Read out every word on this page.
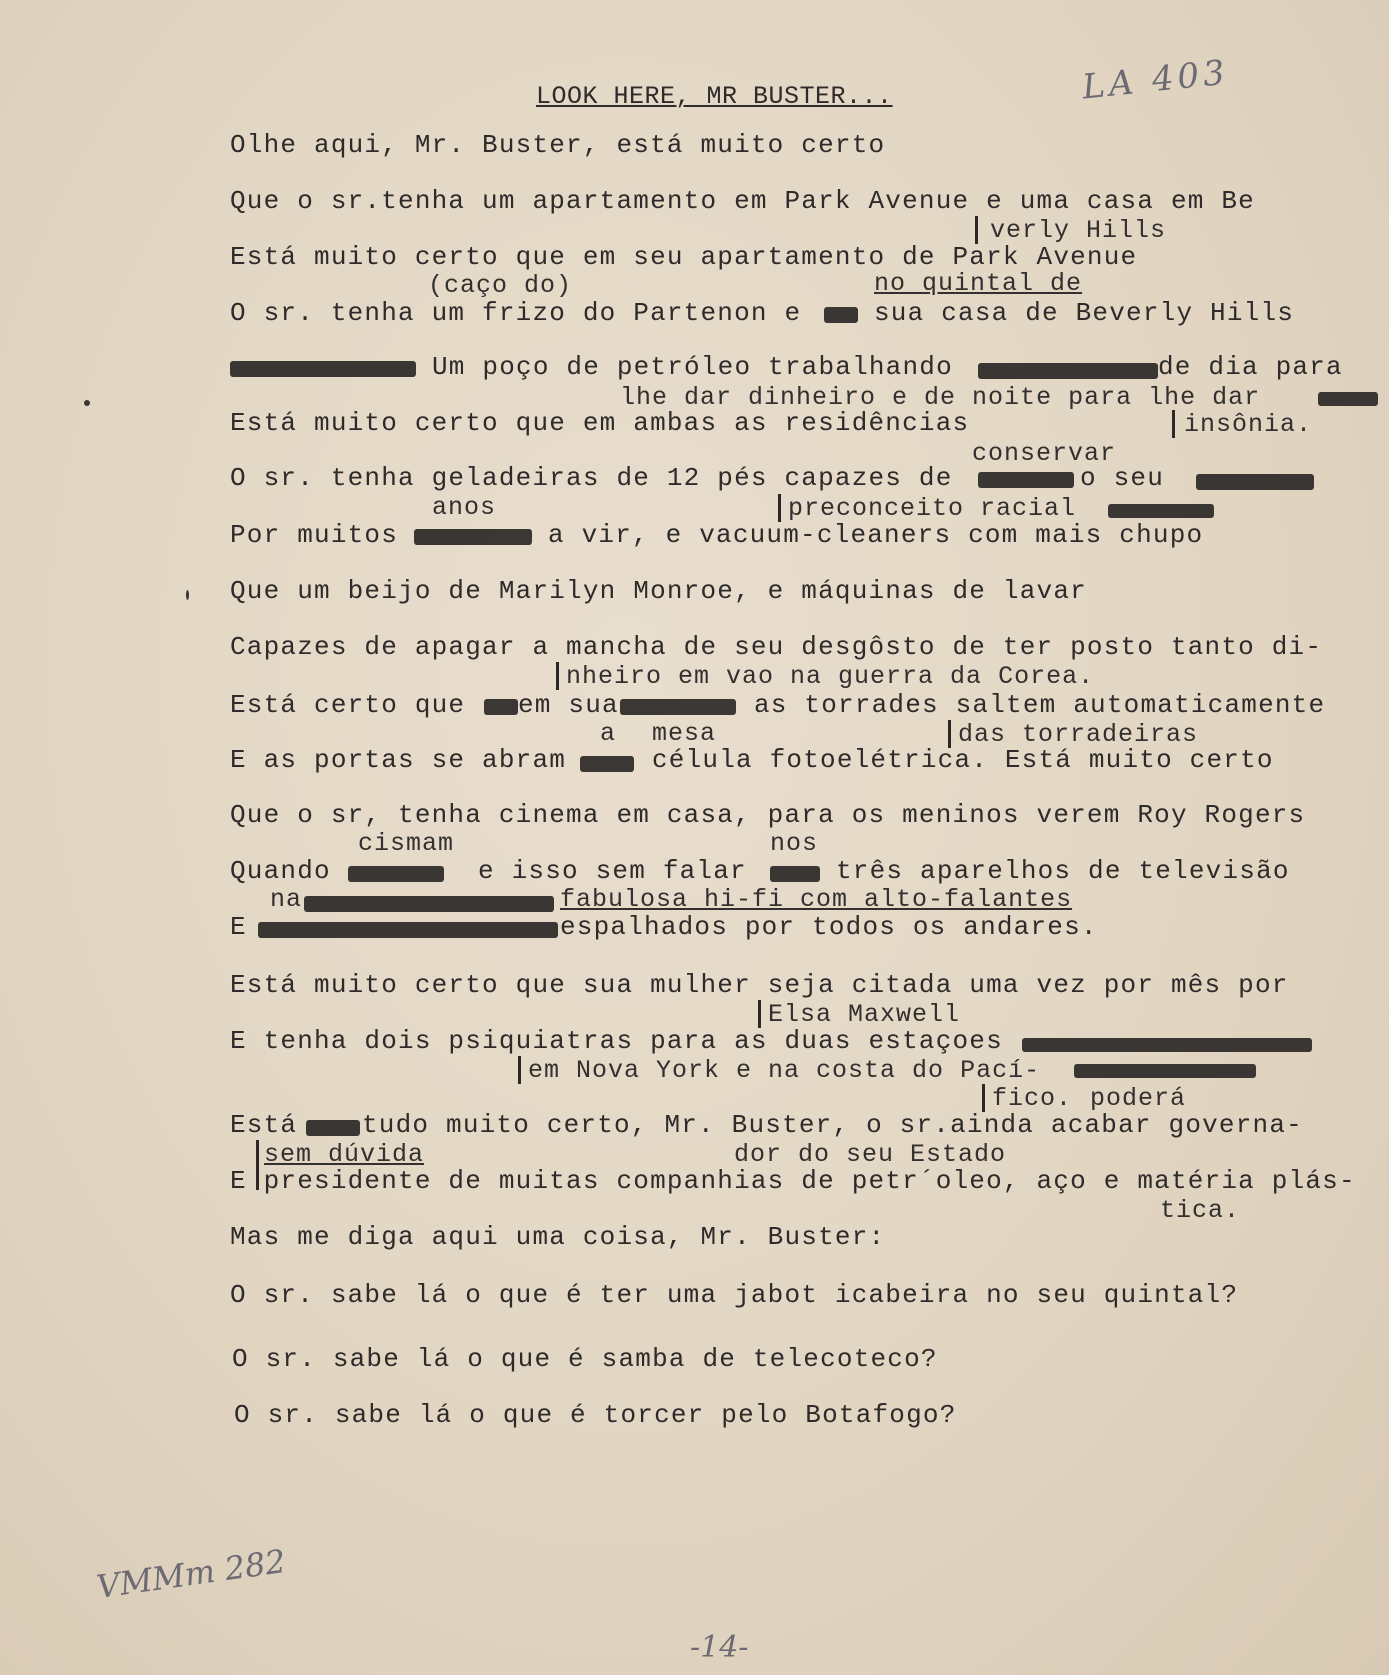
LOOK HERE, MR BUSTER...	LA 403
Olhe aqui, Mr. Buster, está muito certo
Que o sr.tenha um apartamento em Park Avenue e uma casa em Be
verly Hills
Está muito certo que em seu apartamento de Park Avenue
(caço do)	no quintal de
O sr. tenha um frizo do Partenon e	sua casa de Beverly Hills
Um poço de petróleo trabalhando	de dia para
lhe dar dinheiro e de noite para lhe dar
Está muito certo que em ambas as residências	insônia.
conservar
O sr. tenha geladeiras de 12 pés capazes de	o seu
anos	preconceito racial
Por muitos	a vir, e vacuum-cleaners com mais chupo
Que um beijo de Marilyn Monroe, e máquinas de lavar
Capazes de apagar a mancha de seu desgôsto de ter posto tanto di-
nheiro em vao na guerra da Corea.
Está certo que em sua	as torrades saltem automaticamente
a mesa	das torradeiras
E as portas se abram	célula fotoelétrica. Está muito certo
Que o sr, tenha cinema em casa, para os meninos verem Roy Rogers
cismam	nos
Quando	e isso sem falar	três aparelhos de televisão
na	fabulosa hi-fi com alto-falantes
E	espalhados por todos os andares.
Está muito certo que sua mulher seja citada uma vez por mês por
Elsa Maxwell
E tenha dois psiquiatras para as duas estaçoes
em Nova York e na costa do Pací-
fico. poderá
Está tudo muito certo, Mr. Buster, o sr.ainda acabar governa-
dor do seu Estado
sem dúvida
E presidente de muitas companhias de petr´oleo, aço e matéria plás-
tica.
Mas me diga aqui uma coisa, Mr. Buster:
O sr. sabe lá o que é ter uma jabot icabeira no seu quintal?
O sr. sabe lá o que é samba de telecoteco?
O sr. sabe lá o que é torcer pelo Botafogo?
VMMm 282
-14-
